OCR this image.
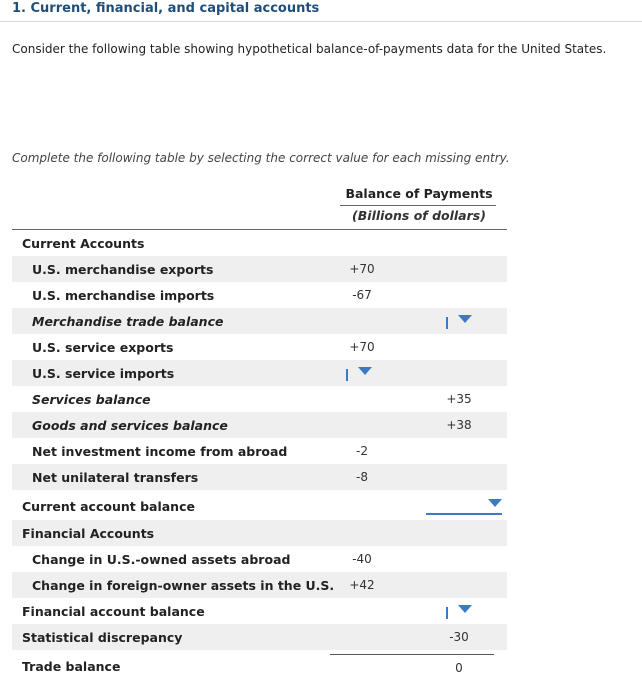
1. Current, financial, and capital accounts
Consider the following table showing hypothetical balance-of-payments data for the United States.
Complete the following table by selecting the correct value for each missing entry.
Balance of Payments
(Billions of dollars)
Current Accounts
U.S. merchandise exports	+70
U.S. merchandise imports	-67
Merchandise trade balance
U.S. service exports	+70
U.S. service imports
Services balance	+35
Goods and services balance	+38
Net investment income from abroad	-2
Net unilateral transfers	-8
Current account balance
Financial Accounts
Change in U.S.-owned assets abroad	-40
Change in foreign-owner assets in the U.S.	+42
Financial account balance
Statistical discrepancy	-30
Trade balance	0
